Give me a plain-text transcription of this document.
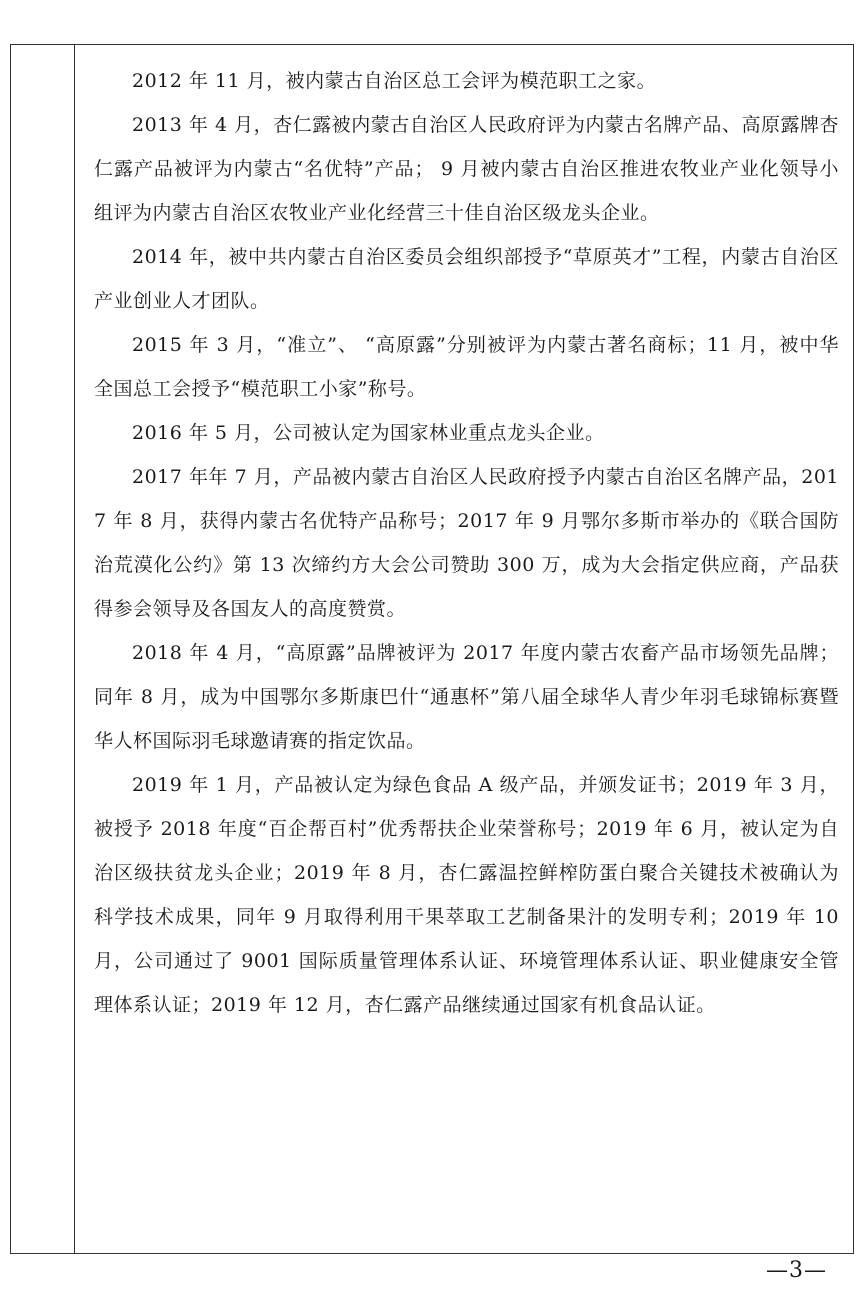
2012 年 11 月，被内蒙古自治区总工会评为模范职工之家。

2013 年 4 月，杏仁露被内蒙古自治区人民政府评为内蒙古名牌产品、高原露牌杏仁露产品被评为内蒙古“名优特”产品； 9 月被内蒙古自治区推进农牧业产业化领导小组评为内蒙古自治区农牧业产业化经营三十佳自治区级龙头企业。

2014 年，被中共内蒙古自治区委员会组织部授予“草原英才”工程，内蒙古自治区产业创业人才团队。

2015 年 3 月，“准立”、 “高原露”分别被评为内蒙古著名商标；11 月，被中华全国总工会授予“模范职工小家”称号。

2016 年 5 月，公司被认定为国家林业重点龙头企业。

2017 年年 7 月，产品被内蒙古自治区人民政府授予内蒙古自治区名牌产品，2017 年 8 月，获得内蒙古名优特产品称号；2017 年 9 月鄂尔多斯市举办的《联合国防治荒漠化公约》第 13 次缔约方大会公司赞助 300 万，成为大会指定供应商，产品获得参会领导及各国友人的高度赞赏。

2018 年 4 月，“高原露”品牌被评为 2017 年度内蒙古农畜产品市场领先品牌；同年 8 月，成为中国鄂尔多斯康巴什“通惠杯”第八届全球华人青少年羽毛球锦标赛暨华人杯国际羽毛球邀请赛的指定饮品。

2019 年 1 月，产品被认定为绿色食品 A 级产品，并颁发证书；2019 年 3 月，被授予 2018 年度“百企帮百村”优秀帮扶企业荣誉称号；2019 年 6 月，被认定为自治区级扶贫龙头企业；2019 年 8 月，杏仁露温控鲜榨防蛋白聚合关键技术被确认为科学技术成果，同年 9 月取得利用干果萃取工艺制备果汁的发明专利；2019 年 10 月，公司通过了 9001 国际质量管理体系认证、环境管理体系认证、职业健康安全管理体系认证；2019 年 12 月，杏仁露产品继续通过国家有机食品认证。

—3—
